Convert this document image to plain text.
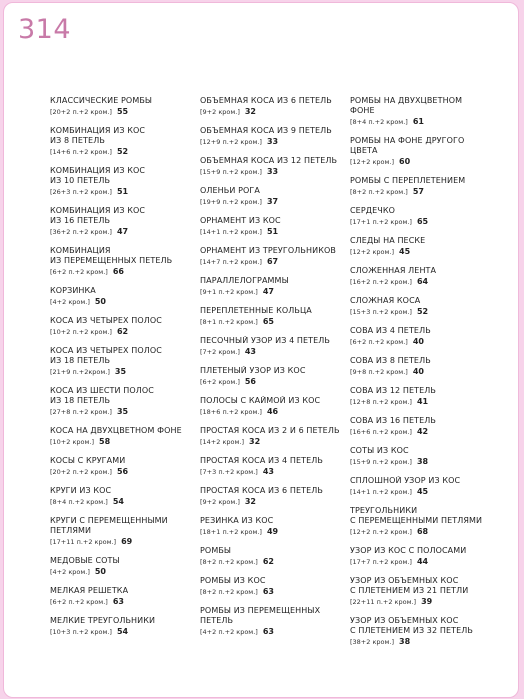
314
КЛАССИЧЕСКИЕ РОМБЫ
[20+2 п.+2 кром.] 55
КОМБИНАЦИЯ ИЗ КОС
ИЗ 8 ПЕТЕЛЬ
[14+6 п.+2 кром.] 52
КОМБИНАЦИЯ ИЗ КОС
ИЗ 10 ПЕТЕЛЬ
[26+3 п.+2 кром.] 51
КОМБИНАЦИЯ ИЗ КОС
ИЗ 16 ПЕТЕЛЬ
[36+2 п.+2 кром.] 47
КОМБИНАЦИЯ
ИЗ ПЕРЕМЕЩЕННЫХ ПЕТЕЛЬ
[6+2 п.+2 кром.] 66
КОРЗИНКА
[4+2 кром.] 50
КОСА ИЗ ЧЕТЫРЕХ ПОЛОС
[10+2 п.+2 кром.] 62
КОСА ИЗ ЧЕТЫРЕХ ПОЛОС
ИЗ 18 ПЕТЕЛЬ
[21+9 п.+2кром.] 35
КОСА ИЗ ШЕСТИ ПОЛОС
ИЗ 18 ПЕТЕЛЬ
[27+8 п.+2 кром.] 35
КОСА НА ДВУХЦВЕТНОМ ФОНЕ
[10+2 кром.] 58
КОСЫ С КРУГАМИ
[20+2 п.+2 кром.] 56
КРУГИ ИЗ КОС
[8+4 п.+2 кром.] 54
КРУГИ С ПЕРЕМЕЩЕННЫМИ
ПЕТЛЯМИ
[17+11 п.+2 кром.] 69
МЕДОВЫЕ СОТЫ
[4+2 кром.] 50
МЕЛКАЯ РЕШЕТКА
[6+2 п.+2 кром.] 63
МЕЛКИЕ ТРЕУГОЛЬНИКИ
[10+3 п.+2 кром.] 54
ОБЪЕМНАЯ КОСА ИЗ 6 ПЕТЕЛЬ
[9+2 кром.] 32
ОБЪЕМНАЯ КОСА ИЗ 9 ПЕТЕЛЬ
[12+9 п.+2 кром.] 33
ОБЪЕМНАЯ КОСА ИЗ 12 ПЕТЕЛЬ
[15+9 п.+2 кром.] 33
ОЛЕНЬИ РОГА
[19+9 п.+2 кром.] 37
ОРНАМЕНТ ИЗ КОС
[14+1 п.+2 кром.] 51
ОРНАМЕНТ ИЗ ТРЕУГОЛЬНИКОВ
[14+7 п.+2 кром.] 67
ПАРАЛЛЕЛОГРАММЫ
[9+1 п.+2 кром.] 47
ПЕРЕПЛЕТЕННЫЕ КОЛЬЦА
[8+1 п.+2 кром.] 65
ПЕСОЧНЫЙ УЗОР ИЗ 4 ПЕТЕЛЬ
[7+2 кром.] 43
ПЛЕТЕНЫЙ УЗОР ИЗ КОС
[6+2 кром.] 56
ПОЛОСЫ С КАЙМОЙ ИЗ КОС
[18+6 п.+2 кром.] 46
ПРОСТАЯ КОСА ИЗ 2 И 6 ПЕТЕЛЬ
[14+2 кром.] 32
ПРОСТАЯ КОСА ИЗ 4 ПЕТЕЛЬ
[7+3 п.+2 кром.] 43
ПРОСТАЯ КОСА ИЗ 6 ПЕТЕЛЬ
[9+2 кром.] 32
РЕЗИНКА ИЗ КОС
[18+1 п.+2 кром.] 49
РОМБЫ
[8+2 п.+2 кром.] 62
РОМБЫ ИЗ КОС
[8+2 п.+2 кром.] 63
РОМБЫ ИЗ ПЕРЕМЕЩЕННЫХ
ПЕТЕЛЬ
[4+2 п.+2 кром.] 63
РОМБЫ НА ДВУХЦВЕТНОМ
ФОНЕ
[8+4 п.+2 кром.] 61
РОМБЫ НА ФОНЕ ДРУГОГО
ЦВЕТА
[12+2 кром.] 60
РОМБЫ С ПЕРЕПЛЕТЕНИЕМ
[8+2 п.+2 кром.] 57
СЕРДЕЧКО
[17+1 п.+2 кром.] 65
СЛЕДЫ НА ПЕСКЕ
[12+2 кром.] 45
СЛОЖЕННАЯ ЛЕНТА
[16+2 п.+2 кром.] 64
СЛОЖНАЯ КОСА
[15+3 п.+2 кром.] 52
СОВА ИЗ 4 ПЕТЕЛЬ
[6+2 п.+2 кром.] 40
СОВА ИЗ 8 ПЕТЕЛЬ
[9+8 п.+2 кром.] 40
СОВА ИЗ 12 ПЕТЕЛЬ
[12+8 п.+2 кром.] 41
СОВА ИЗ 16 ПЕТЕЛЬ
[16+6 п.+2 кром.] 42
СОТЫ ИЗ КОС
[15+9 п.+2 кром.] 38
СПЛОШНОЙ УЗОР ИЗ КОС
[14+1 п.+2 кром.] 45
ТРЕУГОЛЬНИКИ
С ПЕРЕМЕЩЕННЫМИ ПЕТЛЯМИ
[12+2 п.+2 кром.] 68
УЗОР ИЗ КОС С ПОЛОСАМИ
[17+7 п.+2 кром.] 44
УЗОР ИЗ ОБЪЕМНЫХ КОС
С ПЛЕТЕНИЕМ ИЗ 21 ПЕТЛИ
[22+11 п.+2 кром.] 39
УЗОР ИЗ ОБЪЕМНЫХ КОС
С ПЛЕТЕНИЕМ ИЗ 32 ПЕТЕЛЬ
[38+2 кром.] 38
